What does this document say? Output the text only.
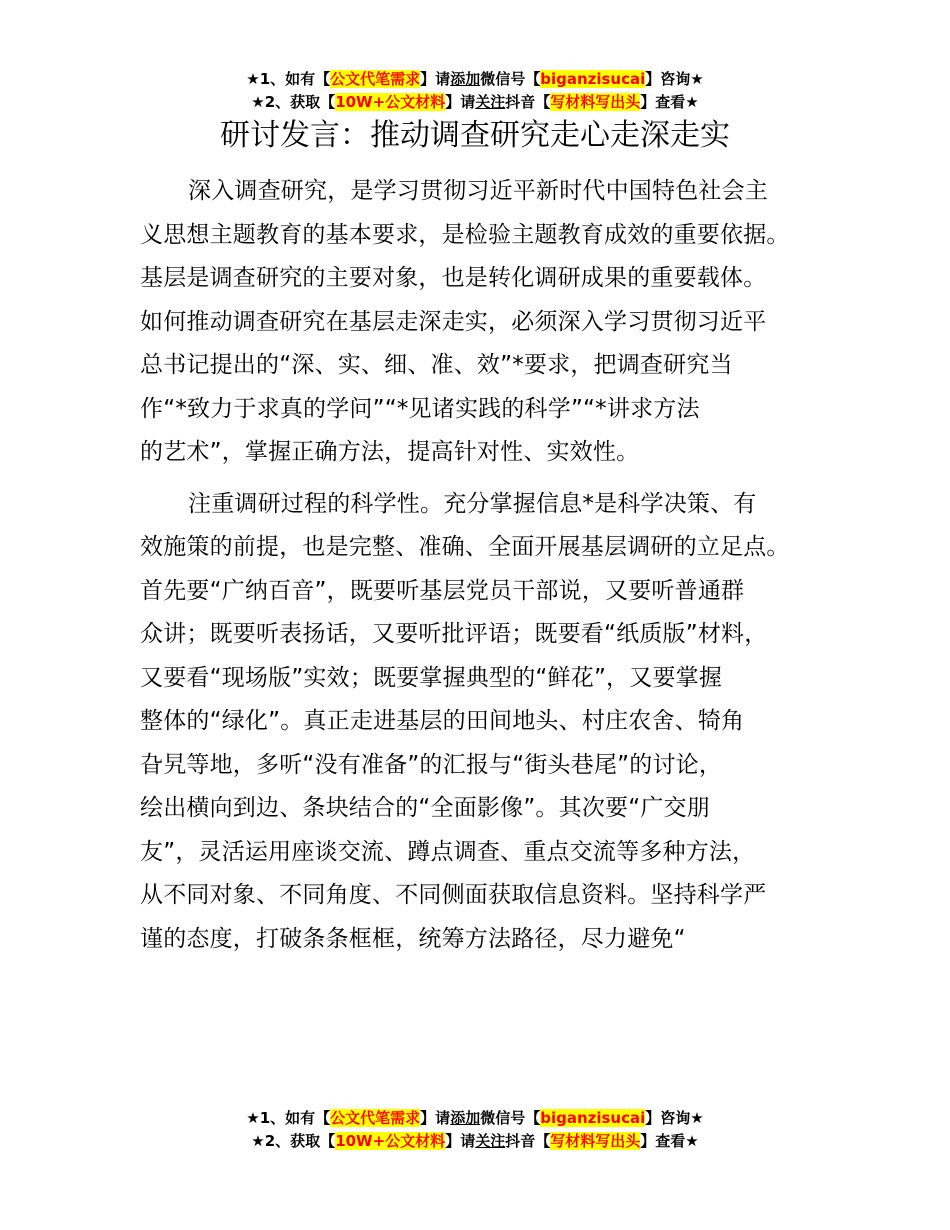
★1、如有【公文代笔需求】请添加微信号【biganzisucai】咨询★
★2、获取【10W+公文材料】请关注抖音【写材料写出头】查看★
研讨发言：推动调查研究走心走深走实

深入调查研究，是学习贯彻习近平新时代中国特色社会主
义思想主题教育的基本要求，是检验主题教育成效的重要依据。
基层是调查研究的主要对象，也是转化调研成果的重要载体。
如何推动调查研究在基层走深走实，必须深入学习贯彻习近平
总书记提出的“深、实、细、准、效”*要求，把调查研究当
作“*致力于求真的学问”“*见诸实践的科学”“*讲求方法
的艺术”，掌握正确方法，提高针对性、实效性。

注重调研过程的科学性。充分掌握信息*是科学决策、有
效施策的前提，也是完整、准确、全面开展基层调研的立足点。
首先要“广纳百音”，既要听基层党员干部说，又要听普通群
众讲；既要听表扬话，又要听批评语；既要看“纸质版”材料，
又要看“现场版”实效；既要掌握典型的“鲜花”，又要掌握
整体的“绿化”。真正走进基层的田间地头、村庄农舍、犄角
旮旯等地，多听“没有准备”的汇报与“街头巷尾”的讨论，
绘出横向到边、条块结合的“全面影像”。其次要“广交朋
友”，灵活运用座谈交流、蹲点调查、重点交流等多种方法，
从不同对象、不同角度、不同侧面获取信息资料。坚持科学严
谨的态度，打破条条框框，统筹方法路径，尽力避免“

★1、如有【公文代笔需求】请添加微信号【biganzisucai】咨询★
★2、获取【10W+公文材料】请关注抖音【写材料写出头】查看★
